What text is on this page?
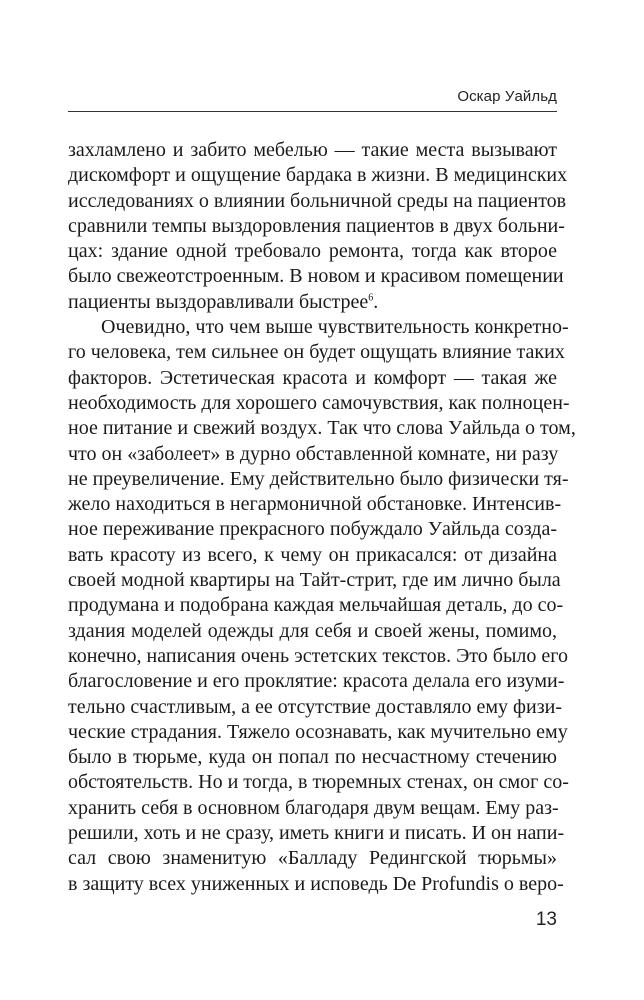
Оскар Уайльд
захламлено и забито мебелью — такие места вызывают
дискомфорт и ощущение бардака в жизни. В медицинских
исследованиях о влиянии больничной среды на пациентов
сравнили темпы выздоровления пациентов в двух больни-
цах: здание одной требовало ремонта, тогда как второе
было свежеотстроенным. В новом и красивом помещении
пациенты выздоравливали быстрее$^6$.
Очевидно, что чем выше чувствительность конкретно-
го человека, тем сильнее он будет ощущать влияние таких
факторов. Эстетическая красота и комфорт — такая же
необходимость для хорошего самочувствия, как полноцен-
ное питание и свежий воздух. Так что слова Уайльда о том,
что он «заболеет» в дурно обставленной комнате, ни разу
не преувеличение. Ему действительно было физически тя-
жело находиться в негармоничной обстановке. Интенсив-
ное переживание прекрасного побуждало Уайльда созда-
вать красоту из всего, к чему он прикасался: от дизайна
своей модной квартиры на Тайт-стрит, где им лично была
продумана и подобрана каждая мельчайшая деталь, до со-
здания моделей одежды для себя и своей жены, помимо,
конечно, написания очень эстетских текстов. Это было его
благословение и его проклятие: красота делала его изуми-
тельно счастливым, а ее отсутствие доставляло ему физи-
ческие страдания. Тяжело осознавать, как мучительно ему
было в тюрьме, куда он попал по несчастному стечению
обстоятельств. Но и тогда, в тюремных стенах, он смог со-
хранить себя в основном благодаря двум вещам. Ему раз-
решили, хоть и не сразу, иметь книги и писать. И он напи-
сал свою знаменитую «Балладу Редингской тюрьмы»
в защиту всех униженных и исповедь De Profundis о веро-
13
